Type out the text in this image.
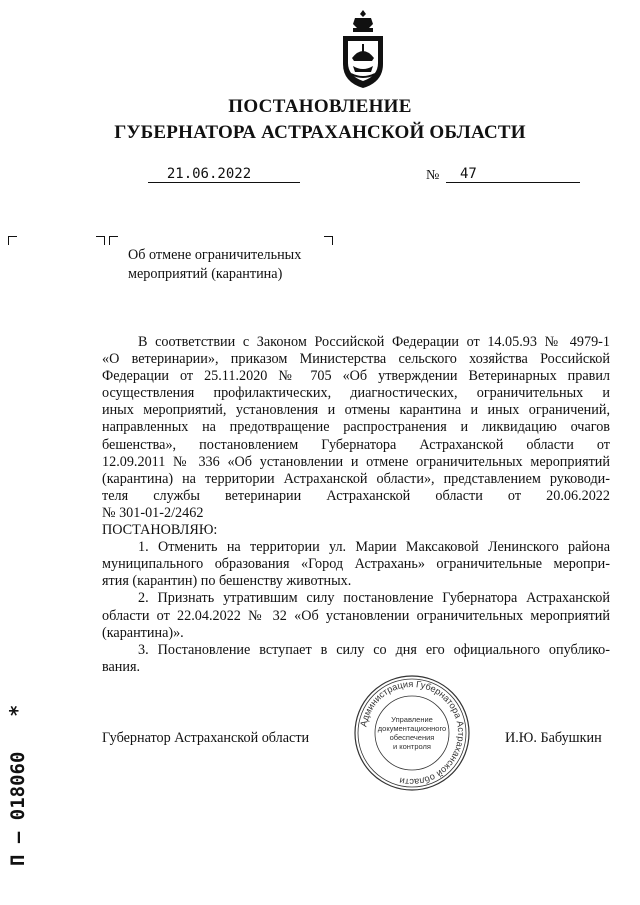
ПОСТАНОВЛЕНИЕ
ГУБЕРНАТОРА АСТРАХАНСКОЙ ОБЛАСТИ
21.06.2022	№	47
Об отмене ограничительных
мероприятий (карантина)

В соответствии с Законом Российской Федерации от 14.05.93 № 4979-1

«О ветеринарии», приказом Министерства сельского хозяйства Российской

Федерации от 25.11.2020 № 705 «Об утверждении Ветеринарных правил

осуществления профилактических, диагностических, ограничительных и

иных мероприятий, установления и отмены карантина и иных ограничений,

направленных на предотвращение распространения и ликвидацию очагов

бешенства», постановлением Губернатора Астраханской области от

12.09.2011 № 336 «Об установлении и отмене ограничительных мероприятий

(карантина) на территории Астраханской области», представлением руководи-

теля службы ветеринарии Астраханской области от 20.06.2022

№ 301-01-2/2462

ПОСТАНОВЛЯЮ:

1. Отменить на территории ул. Марии Максаковой Ленинского района

муниципального образования «Город Астрахань» ограничительные меропри-

ятия (карантин) по бешенству животных.

2. Признать утратившим силу постановление Губернатора Астраханской

области от 22.04.2022 № 32 «Об установлении ограничительных мероприятий

(карантина)».

3. Постановление вступает в силу со дня его официального опублико-

вания.

Администрация Губернатора Астраханской области
Управление
документационного
обеспечения
и контроля
Губернатор Астраханской области	И.Ю. Бабушкин
П – 018060
*
